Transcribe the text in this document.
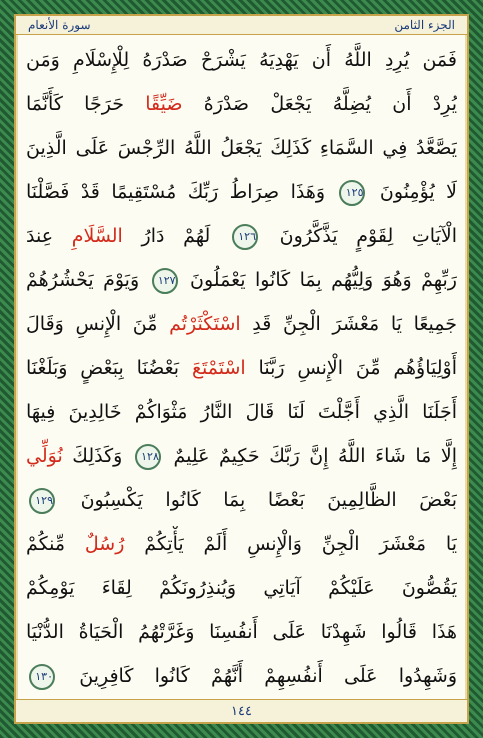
الجزء الثامن
سورة الأنعام
فَمَن يُرِدِ اللَّهُ أَن يَهْدِيَهُ يَشْرَحْ صَدْرَهُ لِلْإِسْلَامِ وَمَن
يُرِدْ أَن يُضِلَّهُ يَجْعَلْ صَدْرَهُ ضَيِّقًا حَرَجًا كَأَنَّمَا
يَصَّعَّدُ فِي السَّمَاءِ كَذَلِكَ يَجْعَلُ اللَّهُ الرِّجْسَ عَلَى الَّذِينَ
لَا يُؤْمِنُونَ ١٢٥ وَهَذَا صِرَاطُ رَبِّكَ مُسْتَقِيمًا قَدْ فَصَّلْنَا
الْآيَاتِ لِقَوْمٍ يَذَّكَّرُونَ ١٢٦ لَهُمْ دَارُ السَّلَامِ عِندَ
رَبِّهِمْ وَهُوَ وَلِيُّهُم بِمَا كَانُوا يَعْمَلُونَ ١٢٧ وَيَوْمَ يَحْشُرُهُمْ
جَمِيعًا يَا مَعْشَرَ الْجِنِّ قَدِ اسْتَكْثَرْتُم مِّنَ الْإِنسِ وَقَالَ
أَوْلِيَاؤُهُم مِّنَ الْإِنسِ رَبَّنَا اسْتَمْتَعَ بَعْضُنَا بِبَعْضٍ وَبَلَغْنَا
أَجَلَنَا الَّذِي أَجَّلْتَ لَنَا قَالَ النَّارُ مَثْوَاكُمْ خَالِدِينَ فِيهَا
إِلَّا مَا شَاءَ اللَّهُ إِنَّ رَبَّكَ حَكِيمٌ عَلِيمٌ ١٢٨ وَكَذَلِكَ نُوَلِّي
بَعْضَ الظَّالِمِينَ بَعْضًا بِمَا كَانُوا يَكْسِبُونَ ١٢٩
يَا مَعْشَرَ الْجِنِّ وَالْإِنسِ أَلَمْ يَأْتِكُمْ رُسُلٌ مِّنكُمْ
يَقُصُّونَ عَلَيْكُمْ آيَاتِي وَيُنذِرُونَكُمْ لِقَاءَ يَوْمِكُمْ
هَذَا قَالُوا شَهِدْنَا عَلَى أَنفُسِنَا وَغَرَّتْهُمُ الْحَيَاةُ الدُّنْيَا
وَشَهِدُوا عَلَى أَنفُسِهِمْ أَنَّهُمْ كَانُوا كَافِرِينَ ١٣٠
١٤٤
